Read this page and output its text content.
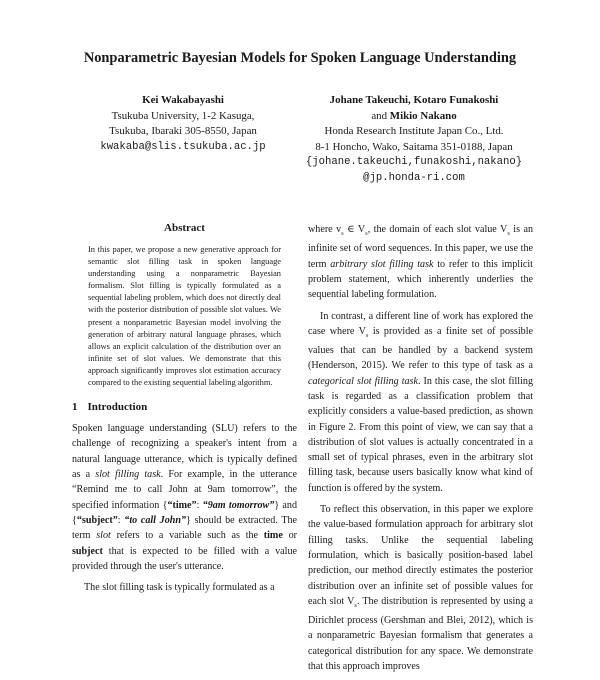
Nonparametric Bayesian Models for Spoken Language Understanding
Kei Wakabayashi
Tsukuba University, 1-2 Kasuga,
Tsukuba, Ibaraki 305-8550, Japan
kwakaba@slis.tsukuba.ac.jp
Johane Takeuchi, Kotaro Funakoshi
and Mikio Nakano
Honda Research Institute Japan Co., Ltd.
8-1 Honcho, Wako, Saitama 351-0188, Japan
{johane.takeuchi,funakoshi,nakano}
@jp.honda-ri.com
Abstract

In this paper, we propose a new generative approach for semantic slot filling task in spoken language understanding using a nonparametric Bayesian formalism. Slot filling is typically formulated as a sequential labeling problem, which does not directly deal with the posterior distribution of possible slot values. We present a nonparametric Bayesian model involving the generation of arbitrary natural language phrases, which allows an explicit calculation of the distribution over an infinite set of slot values. We demonstrate that this approach significantly improves slot estimation accuracy compared to the existing sequential labeling algorithm.

1 Introduction

Spoken language understanding (SLU) refers to the challenge of recognizing a speaker's intent from a natural language utterance, which is typically defined as a slot filling task. For example, in the utterance “Remind me to call John at 9am tomorrow”, the specified information {“time”: “9am tomorrow”} and {“subject”: “to call John”} should be extracted. The term slot refers to a variable such as the time or subject that is expected to be filled with a value provided through the user's utterance.

The slot filling task is typically formulated as a

where $v_s$ ∈ $V_s$, the domain of each slot value $V_s$ is an infinite set of word sequences. In this paper, we use the term arbitrary slot filling task to refer to this implicit problem statement, which inherently underlies the sequential labeling formulation.

In contrast, a different line of work has explored the case where $V_s$ is provided as a finite set of possible values that can be handled by a backend system (Henderson, 2015). We refer to this type of task as a categorical slot filling task. In this case, the slot filling task is regarded as a classification problem that explicitly considers a value-based prediction, as shown in Figure 2. From this point of view, we can say that a distribution of slot values is actually concentrated in a small set of typical phrases, even in the arbitrary slot filling task, because users basically know what kind of function is offered by the system.

To reflect this observation, in this paper we explore the value-based formulation approach for arbitrary slot filling tasks. Unlike the sequential labeling formulation, which is basically position-based label prediction, our method directly estimates the posterior distribution over an infinite set of possible values for each slot $V_s$. The distribution is represented by using a Dirichlet process (Gershman and Blei, 2012), which is a nonparametric Bayesian formalism that generates a categorical distribution for any space. We demonstrate that this approach improves
